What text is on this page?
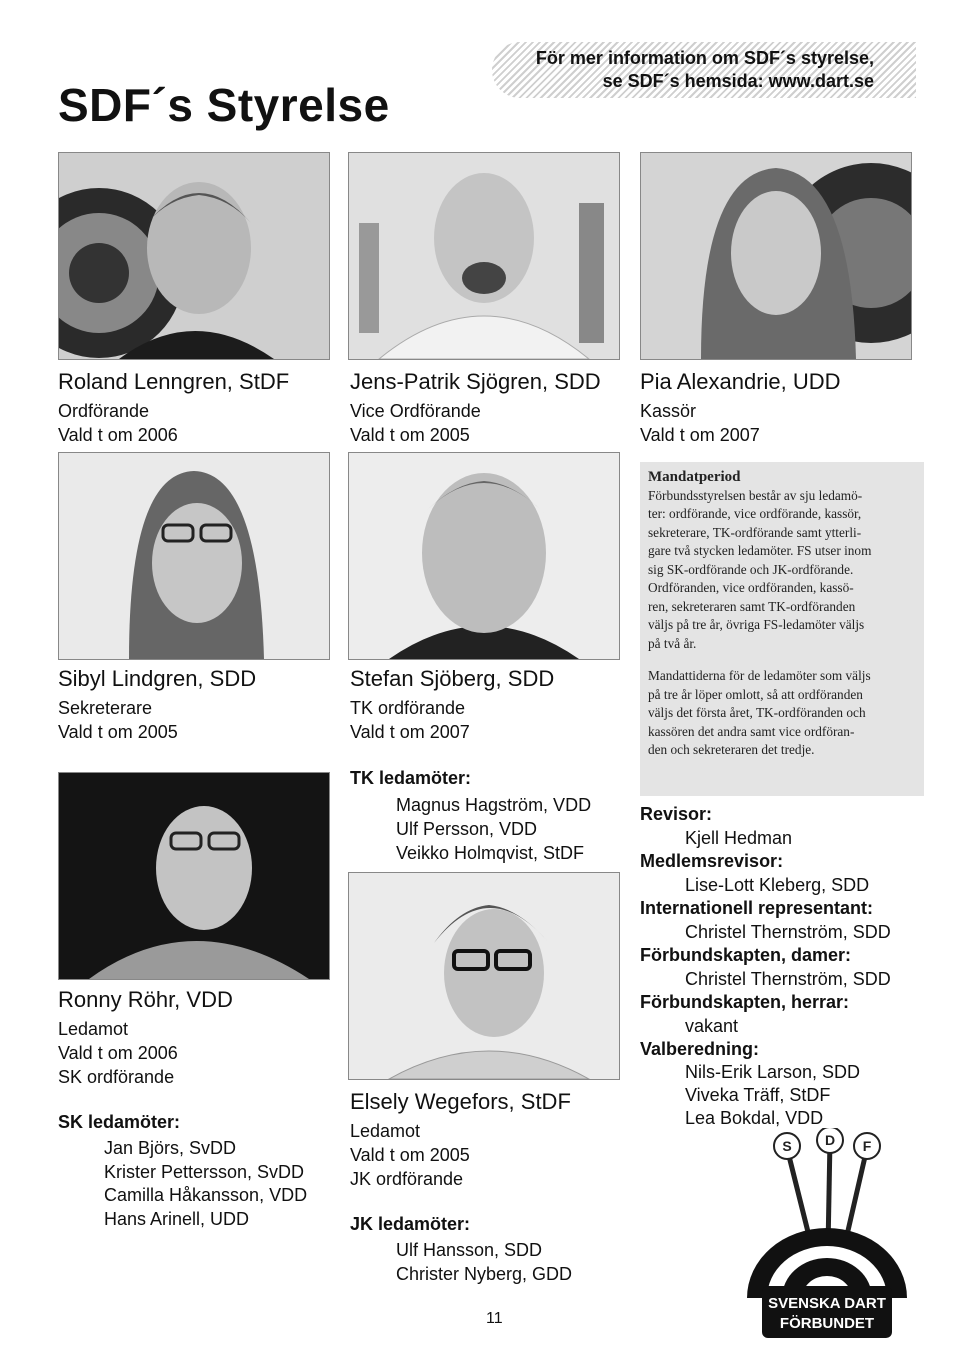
SDF´s Styrelse
För mer information om SDF´s styrelse,
se SDF´s hemsida: www.dart.se
Roland Lenngren, StDF
Ordförande
Vald t om 2006
Jens-Patrik Sjögren, SDD
Vice Ordförande
Vald t om 2005
Pia Alexandrie, UDD
Kassör
Vald t om 2007
Sibyl Lindgren, SDD
Sekreterare
Vald t om 2005
Stefan Sjöberg, SDD
TK ordförande
Vald t om 2007
TK ledamöter:
Magnus Hagström, VDD
Ulf Persson, VDD
Veikko Holmqvist, StDF
Mandatperiod

Förbundsstyrelsen består av sju ledamö-
ter: ordförande, vice ordförande, kassör,
sekreterare, TK-ordförande samt ytterli-
gare två stycken ledamöter. FS utser inom
sig SK-ordförande och JK-ordförande.
Ordföranden, vice ordföranden, kassö-
ren, sekreteraren samt TK-ordföranden
väljs på tre år, övriga FS-ledamöter väljs
på två år.

Mandattiderna för de ledamöter som väljs
på tre år löper omlott, så att ordföranden
väljs det första året, TK-ordföranden och
kassören det andra samt vice ordföran-
den och sekreteraren det tredje.

Revisor:
Kjell Hedman
Medlemsrevisor:
Lise-Lott Kleberg, SDD
Internationell representant:
Christel Thernström, SDD
Förbundskapten, damer:
Christel Thernström, SDD
Förbundskapten, herrar:
vakant
Valberedning:
Nils-Erik Larson, SDD
Viveka Träff, StDF
Lea Bokdal, VDD
Ronny Röhr, VDD
Ledamot
Vald t om 2006
SK ordförande
SK ledamöter:
Jan Björs, SvDD
Krister Pettersson, SvDD
Camilla Håkansson, VDD
Hans Arinell, UDD
Elsely Wegefors, StDF
Ledamot
Vald t om 2005
JK ordförande
JK ledamöter:
Ulf Hansson, SDD
Christer Nyberg, GDD
S D F
SVENSKA DART
FÖRBUNDET
11
